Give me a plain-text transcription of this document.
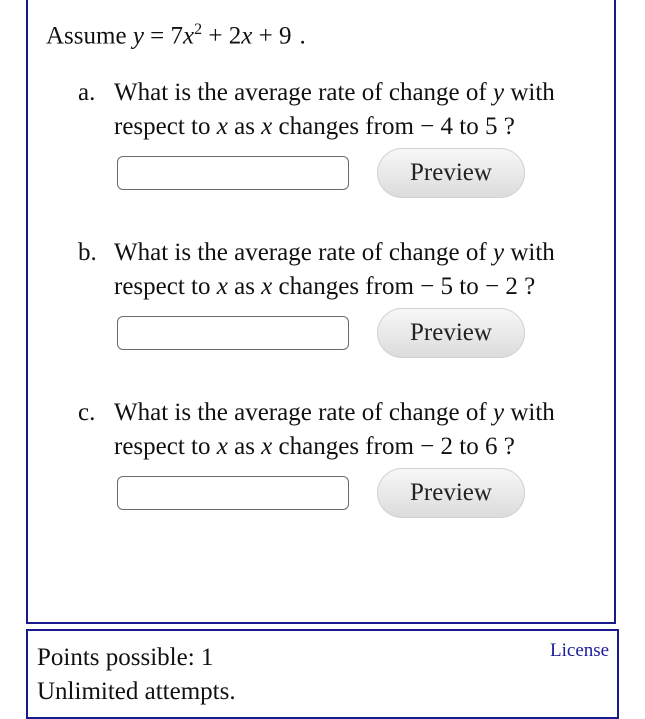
Assume $y = 7x^2 + 2x + 9$ .
a. What is the average rate of change of y with
respect to x as x changes from − 4 to 5 ?
Preview
b. What is the average rate of change of y with
respect to x as x changes from − 5 to − 2 ?
Preview
c. What is the average rate of change of y with
respect to x as x changes from − 2 to 6 ?
Preview
Points possible: 1
Unlimited attempts.
License
